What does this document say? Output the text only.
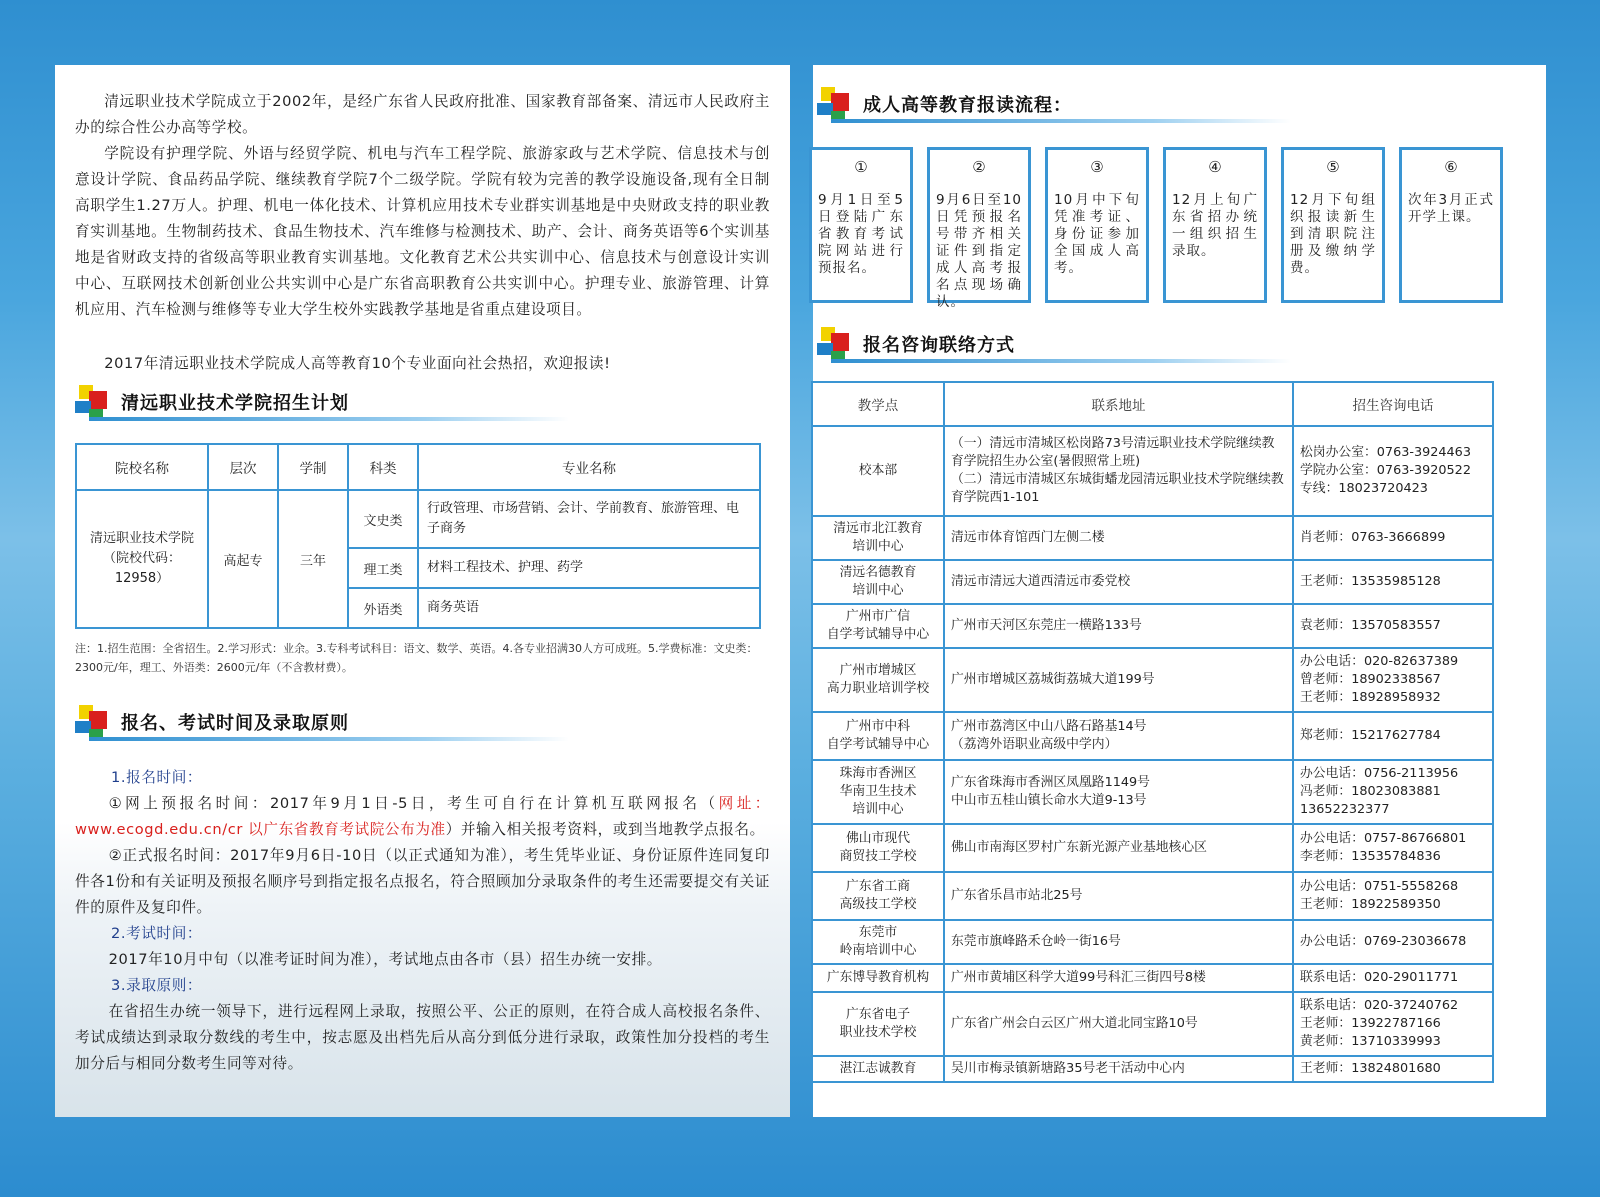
清远职业技术学院成立于2002年，是经广东省人民政府批准、国家教育部备案、清远市人民政府主办的综合性公办高等学校。

学院设有护理学院、外语与经贸学院、机电与汽车工程学院、旅游家政与艺术学院、信息技术与创意设计学院、食品药品学院、继续教育学院7个二级学院。学院有较为完善的教学设施设备,现有全日制高职学生1.27万人。护理、机电一体化技术、计算机应用技术专业群实训基地是中央财政支持的职业教育实训基地。生物制药技术、食品生物技术、汽车维修与检测技术、助产、会计、商务英语等6个实训基地是省财政支持的省级高等职业教育实训基地。文化教育艺术公共实训中心、信息技术与创意设计实训中心、互联网技术创新创业公共实训中心是广东省高职教育公共实训中心。护理专业、旅游管理、计算机应用、汽车检测与维修等专业大学生校外实践教学基地是省重点建设项目。

2017年清远职业技术学院成人高等教育10个专业面向社会热招，欢迎报读!

清远职业技术学院招生计划
院校名称	层次	学制	科类	专业名称
清远职业技术学院（院校代码：12958）	高起专	三年	文史类	行政管理、市场营销、会计、学前教育、旅游管理、电子商务
			理工类	材料工程技术、护理、药学
			外语类	商务英语
注：1.招生范围：全省招生。2.学习形式：业余。3.专科考试科目：语文、数学、英语。4.各专业招满30人方可成班。5.学费标准：文史类：2300元/年，理工、外语类：2600元/年（不含教材费）。
报名、考试时间及录取原则
1.报名时间：
①网上预报名时间：2017年9月1日-5日，考生可自行在计算机互联网报名（网址：www.ecogd.edu.cn/cr 以广东省教育考试院公布为准）并输入相关报考资料，或到当地教学点报名。
②正式报名时间：2017年9月6日-10日（以正式通知为准），考生凭毕业证、身份证原件连同复印件各1份和有关证明及预报名顺序号到指定报名点报名，符合照顾加分录取条件的考生还需要提交有关证件的原件及复印件。
2.考试时间：
2017年10月中旬（以准考证时间为准），考试地点由各市（县）招生办统一安排。
3.录取原则：
在省招生办统一领导下，进行远程网上录取，按照公平、公正的原则，在符合成人高校报名条件、考试成绩达到录取分数线的考生中，按志愿及出档先后从高分到低分进行录取，政策性加分投档的考生加分后与相同分数考生同等对待。
成人高等教育报读流程：
①
9月1日至5日登陆广东省教育考试院网站进行预报名。
②
9月6日至10日凭预报名号带齐相关证件到指定成人高考报名点现场确认。
③
10月中下旬凭准考证、身份证参加全国成人高考。
④
12月上旬广东省招办统一组织招生录取。
⑤
12月下旬组织报读新生到清职院注册及缴纳学费。
⑥
次年3月正式开学上课。
报名咨询联络方式
教学点	联系地址	招生咨询电话
校本部	（一）清远市清城区松岗路73号清远职业技术学院继续教育学院招生办公室(暑假照常上班)
（二）清远市清城区东城街蟠龙园清远职业技术学院继续教育学院西1-101	松岗办公室：0763-3924463
学院办公室：0763-3920522
专线：18023720423
清远市北江教育
培训中心	清远市体育馆西门左侧二楼	肖老师：0763-3666899
清远名德教育
培训中心	清远市清远大道西清远市委党校	王老师：13535985128
广州市广信
自学考试辅导中心	广州市天河区东莞庄一横路133号	袁老师：13570583557
广州市增城区
高力职业培训学校	广州市增城区荔城街荔城大道199号	办公电话：020-82637389
曾老师：18902338567
王老师：18928958932
广州市中科
自学考试辅导中心	广州市荔湾区中山八路石路基14号
（荔湾外语职业高级中学内）	郑老师：15217627784
珠海市香洲区
华南卫生技术
培训中心	广东省珠海市香洲区凤凰路1149号
中山市五桂山镇长命水大道9-13号	办公电话：0756-2113956
冯老师：18023083881
13652232377
佛山市现代
商贸技工学校	佛山市南海区罗村广东新光源产业基地核心区	办公电话：0757-86766801
李老师：13535784836
广东省工商
高级技工学校	广东省乐昌市站北25号	办公电话：0751-5558268
王老师：18922589350
东莞市
岭南培训中心	东莞市旗峰路禾仓岭一街16号	办公电话：0769-23036678
广东博导教育机构	广州市黄埔区科学大道99号科汇三街四号8楼	联系电话：020-29011771
广东省电子
职业技术学校	广东省广州会白云区广州大道北同宝路10号	联系电话：020-37240762
王老师：13922787166
黄老师：13710339993
湛江志诚教育	吴川市梅录镇新塘路35号老干活动中心内	王老师：13824801680
